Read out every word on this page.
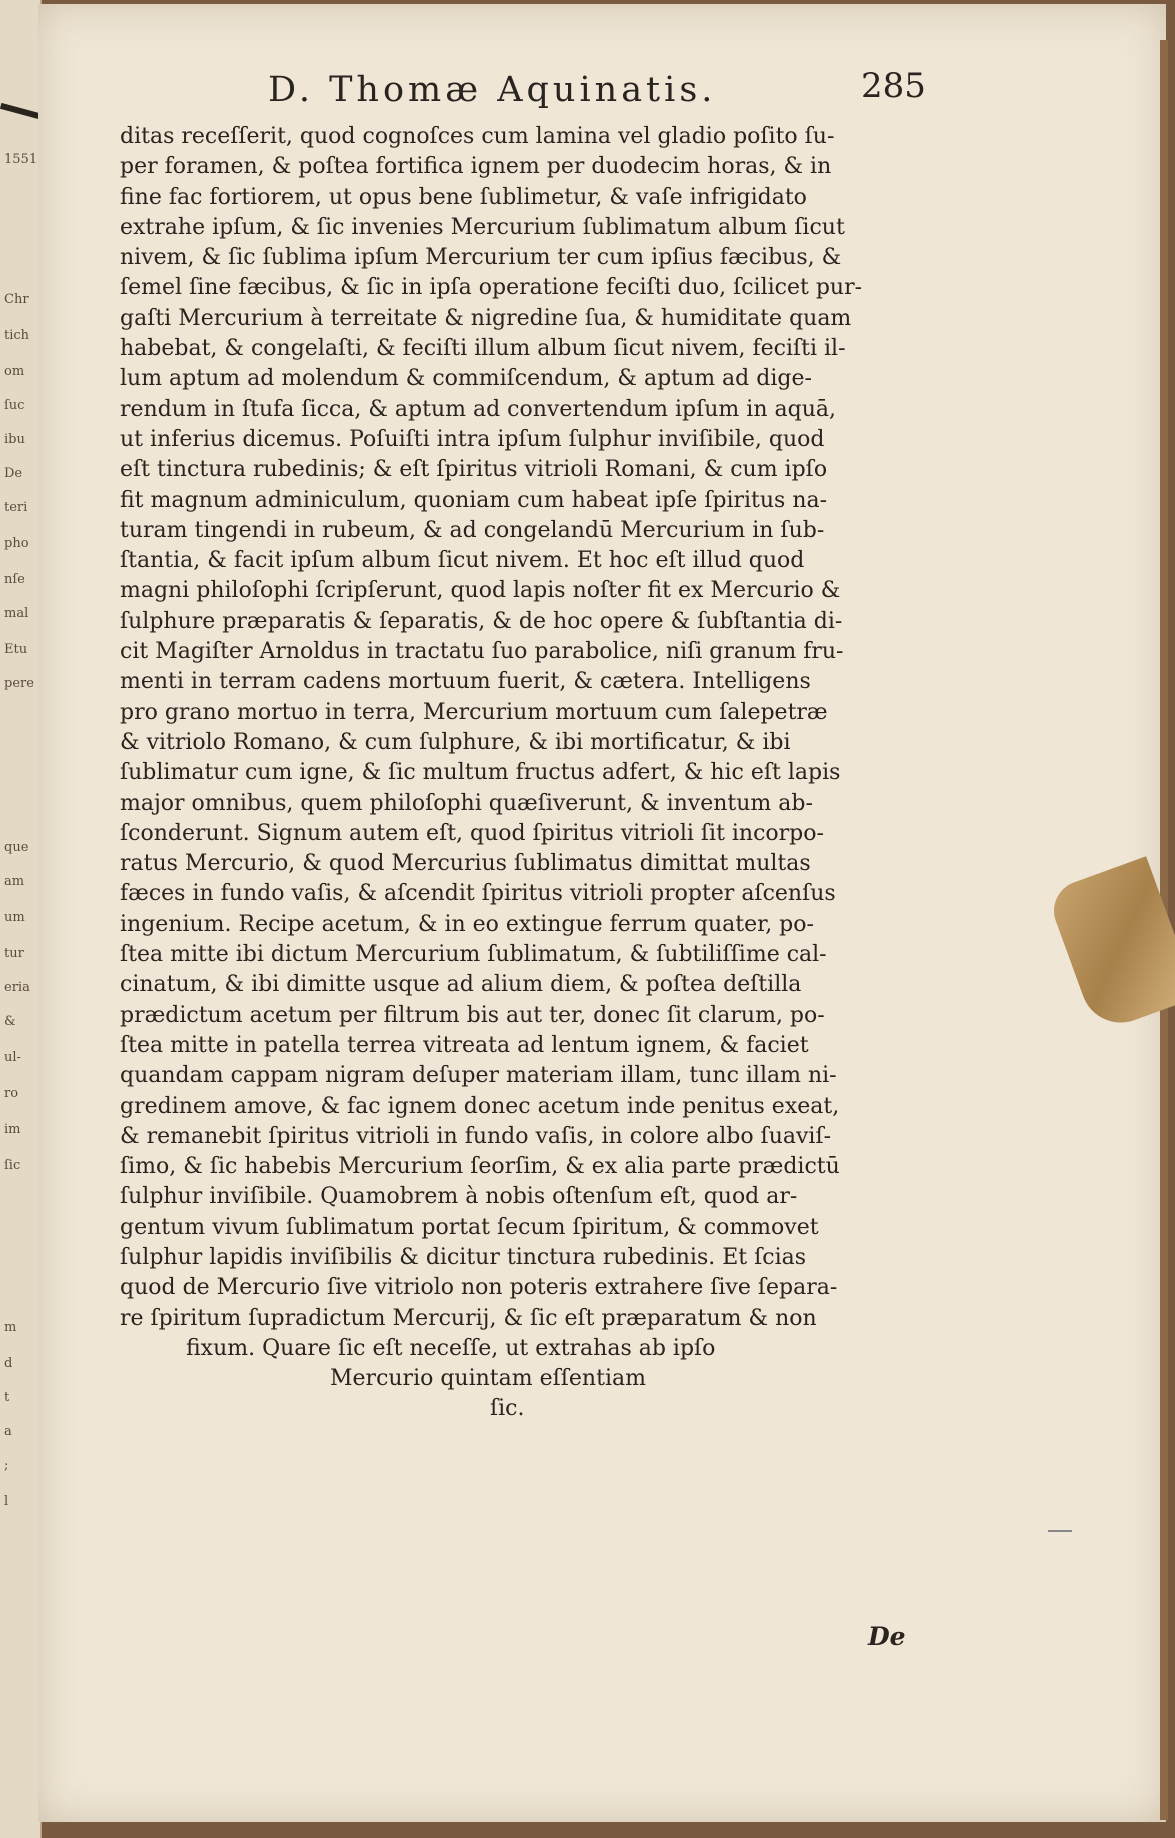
1551
Chr
tich
om
ſuc
ibu
De
teri
pho
nſe
mal
Etu
pere
que
am
um
tur
eria
&
ul-
ro
im
ſic
m
d
t
a
;
l
D. Thomæ Aquinatis.	285
ditas receſſerit, quod cognoſces cum lamina vel gladio poſito ſu-
per foramen, & poſtea fortifica ignem per duodecim horas, & in
fine fac fortiorem, ut opus bene ſublimetur, & vaſe infrigidato
extrahe ipſum, & ſic invenies Mercurium ſublimatum album ſicut
nivem, & ſic ſublima ipſum Mercurium ter cum ipſius fæcibus, &
ſemel ſine fæcibus, & ſic in ipſa operatione feciſti duo, ſcilicet pur-
gaſti Mercurium à terreitate & nigredine ſua, & humiditate quam
habebat, & congelaſti, & feciſti illum album ſicut nivem, feciſti il-
lum aptum ad molendum & commiſcendum, & aptum ad dige-
rendum in ſtufa ſicca, & aptum ad convertendum ipſum in aquā,
ut inferius dicemus. Poſuiſti intra ipſum ſulphur inviſibile, quod
eſt tinctura rubedinis; & eſt ſpiritus vitrioli Romani, & cum ipſo
fit magnum adminiculum, quoniam cum habeat ipſe ſpiritus na-
turam tingendi in rubeum, & ad congelandū Mercurium in ſub-
ſtantia, & facit ipſum album ſicut nivem. Et hoc eſt illud quod
magni philoſophi ſcripſerunt, quod lapis noſter fit ex Mercurio &
ſulphure præparatis & ſeparatis, & de hoc opere & ſubſtantia di-
cit Magiſter Arnoldus in tractatu ſuo parabolice, niſi granum fru-
menti in terram cadens mortuum fuerit, & cætera. Intelligens
pro grano mortuo in terra, Mercurium mortuum cum ſalepetræ
& vitriolo Romano, & cum ſulphure, & ibi mortificatur, & ibi
ſublimatur cum igne, & ſic multum fructus adfert, & hic eſt lapis
major omnibus, quem philoſophi quæſiverunt, & inventum ab-
ſconderunt. Signum autem eſt, quod ſpiritus vitrioli ſit incorpo-
ratus Mercurio, & quod Mercurius ſublimatus dimittat multas
fæces in fundo vaſis, & aſcendit ſpiritus vitrioli propter aſcenſus
ingenium. Recipe acetum, & in eo extingue ferrum quater, po-
ſtea mitte ibi dictum Mercurium ſublimatum, & ſubtiliſſime cal-
cinatum, & ibi dimitte usque ad alium diem, & poſtea deſtilla
prædictum acetum per filtrum bis aut ter, donec ſit clarum, po-
ſtea mitte in patella terrea vitreata ad lentum ignem, & faciet
quandam cappam nigram deſuper materiam illam, tunc illam ni-
gredinem amove, & fac ignem donec acetum inde penitus exeat,
& remanebit ſpiritus vitrioli in fundo vaſis, in colore albo ſuaviſ-
ſimo, & ſic habebis Mercurium ſeorſim, & ex alia parte prædictū
ſulphur inviſibile. Quamobrem à nobis oſtenſum eſt, quod ar-
gentum vivum ſublimatum portat ſecum ſpiritum, & commovet
ſulphur lapidis inviſibilis & dicitur tinctura rubedinis. Et ſcias
quod de Mercurio ſive vitriolo non poteris extrahere ſive ſepara-
re ſpiritum ſupradictum Mercurij, & ſic eſt præparatum & non
fixum. Quare ſic eſt neceſſe, ut extrahas ab ipſo
Mercurio quintam eſſentiam
ſic.
De
